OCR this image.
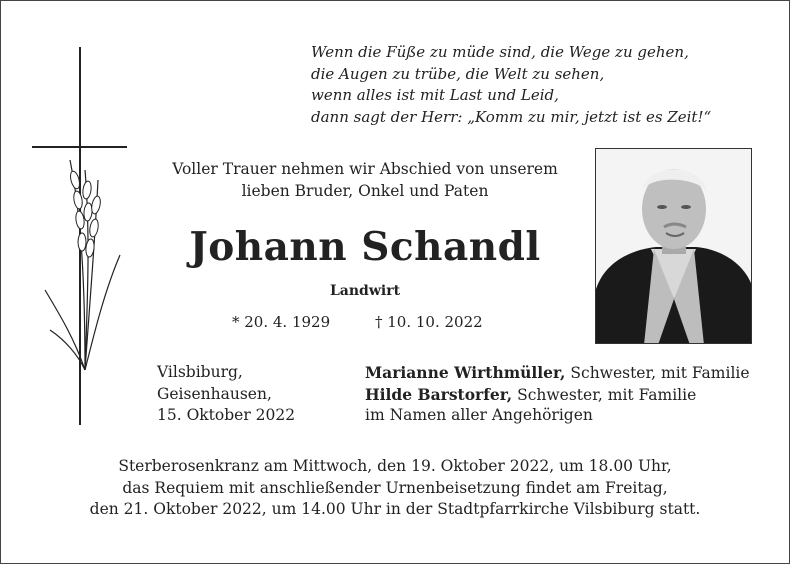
Wenn die Füße zu müde sind, die Wege zu gehen,
die Augen zu trübe, die Welt zu sehen,
wenn alles ist mit Last und Leid,
dann sagt der Herr: „Komm zu mir, jetzt ist es Zeit!“
Voller Trauer nehmen wir Abschied von unserem
lieben Bruder, Onkel und Paten
Johann Schandl
Landwirt
* 20. 4. 1929	† 10. 10. 2022
Vilsbiburg,
Geisenhausen,
15. Oktober 2022
Marianne Wirthmüller, Schwester, mit Familie
Hilde Barstorfer, Schwester, mit Familie
im Namen aller Angehörigen
Sterberosenkranz am Mittwoch, den 19. Oktober 2022, um 18.00 Uhr,
das Requiem mit anschließender Urnenbeisetzung findet am Freitag,
den 21. Oktober 2022, um 14.00 Uhr in der Stadtpfarrkirche Vilsbiburg statt.
